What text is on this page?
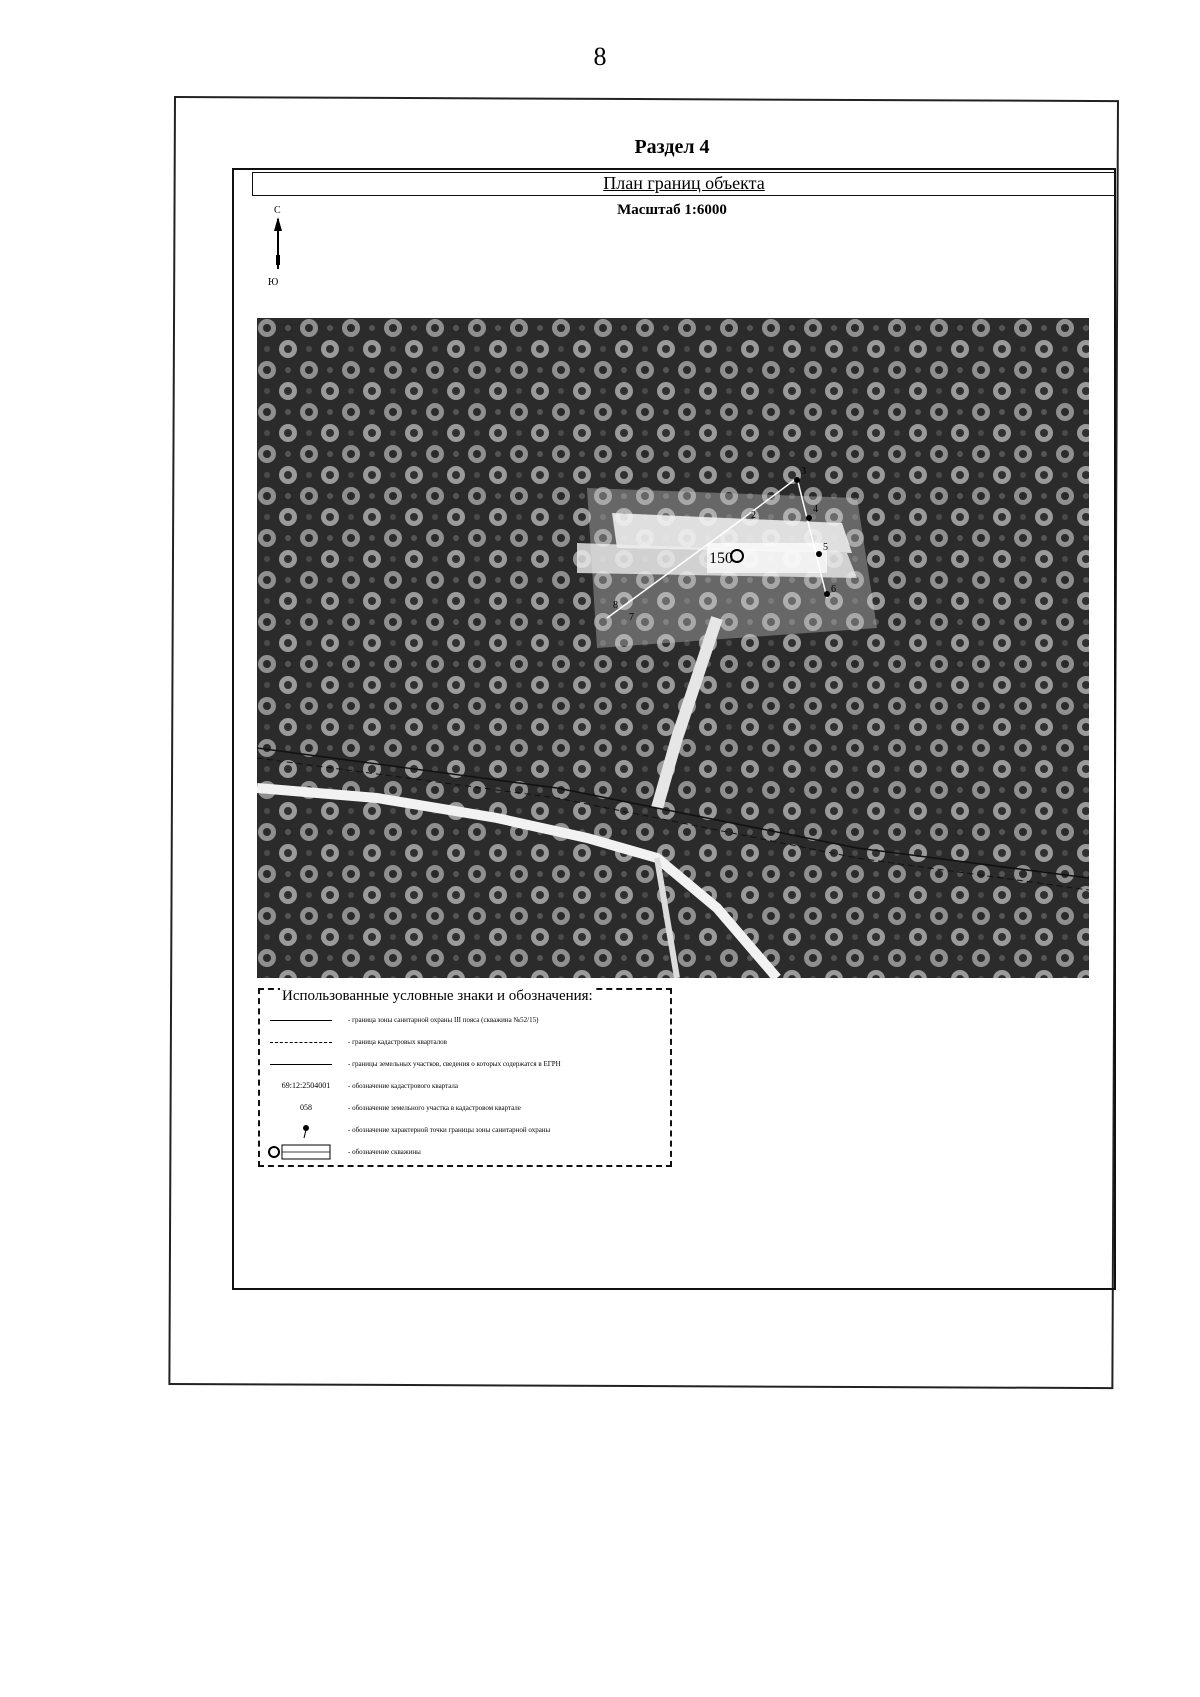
8
Раздел 4
План границ объекта
Масштаб 1:6000
С
Ю
150
2
3
4
5
6
7
8
Использованные условные знаки и обозначения:
- граница зоны санитарной охраны III пояса (скважина №52/15)
- граница кадастровых кварталов
- границы земельных участков, сведения о которых содержатся в ЕГРН
69:12:2504001	- обозначение кадастрового квартала
058	- обозначение земельного участка в кадастровом квартале
- обозначение характерной точки границы зоны санитарной охраны
- обозначение скважины
